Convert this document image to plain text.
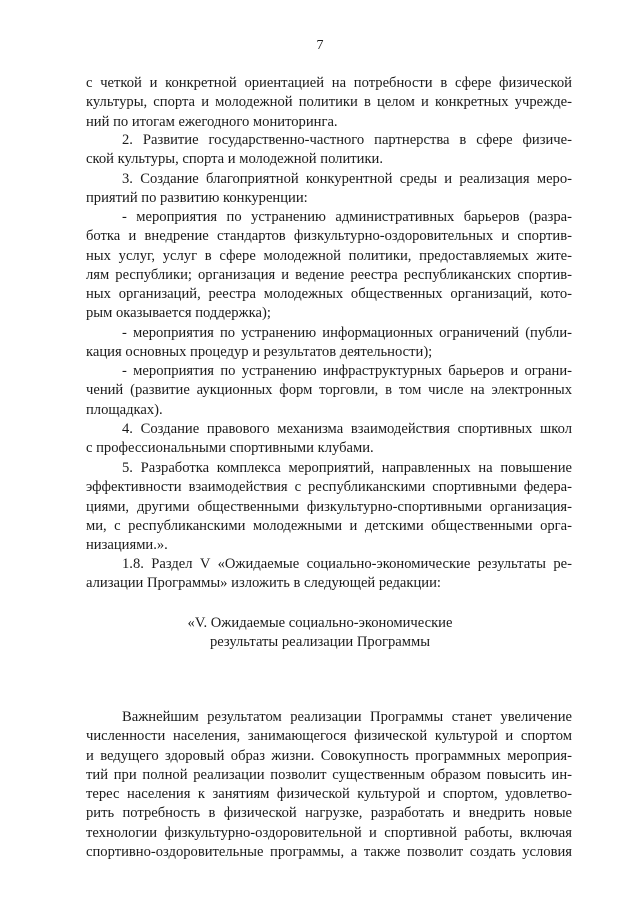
7
с четкой и конкретной ориентацией на потребности в сфере физической
культуры, спорта и молодежной политики в целом и конкретных учрежде-
ний по итогам ежегодного мониторинга.
2. Развитие государственно-частного партнерства в сфере физиче-
ской культуры, спорта и молодежной политики.
3. Создание благоприятной конкурентной среды и реализация меро-
приятий по развитию конкуренции:
- мероприятия по устранению административных барьеров (разра-
ботка и внедрение стандартов физкультурно-оздоровительных и спортив-
ных услуг, услуг в сфере молодежной политики, предоставляемых жите-
лям республики; организация и ведение реестра республиканских спортив-
ных организаций, реестра молодежных общественных организаций, кото-
рым оказывается поддержка);
- мероприятия по устранению информационных ограничений (публи-
кация основных процедур и результатов деятельности);
- мероприятия по устранению инфраструктурных барьеров и ограни-
чений (развитие аукционных форм торговли, в том числе на электронных
площадках).
4. Создание правового механизма взаимодействия спортивных школ
с профессиональными спортивными клубами.
5. Разработка комплекса мероприятий, направленных на повышение
эффективности взаимодействия с республиканскими спортивными федера-
циями, другими общественными физкультурно-спортивными организация-
ми, с республиканскими молодежными и детскими общественными орга-
низациями.».
1.8. Раздел V «Ожидаемые социально-экономические результаты ре-
ализации Программы» изложить в следующей редакции:
Важнейшим результатом реализации Программы станет увеличение
численности населения, занимающегося физической культурой и спортом
и ведущего здоровый образ жизни. Совокупность программных мероприя-
тий при полной реализации позволит существенным образом повысить ин-
терес населения к занятиям физической культурой и спортом, удовлетво-
рить потребность в физической нагрузке, разработать и внедрить новые
технологии физкультурно-оздоровительной и спортивной работы, включая
спортивно-оздоровительные программы, а также позволит создать условия
«V. Ожидаемые социально-экономические
результаты реализации Программы
